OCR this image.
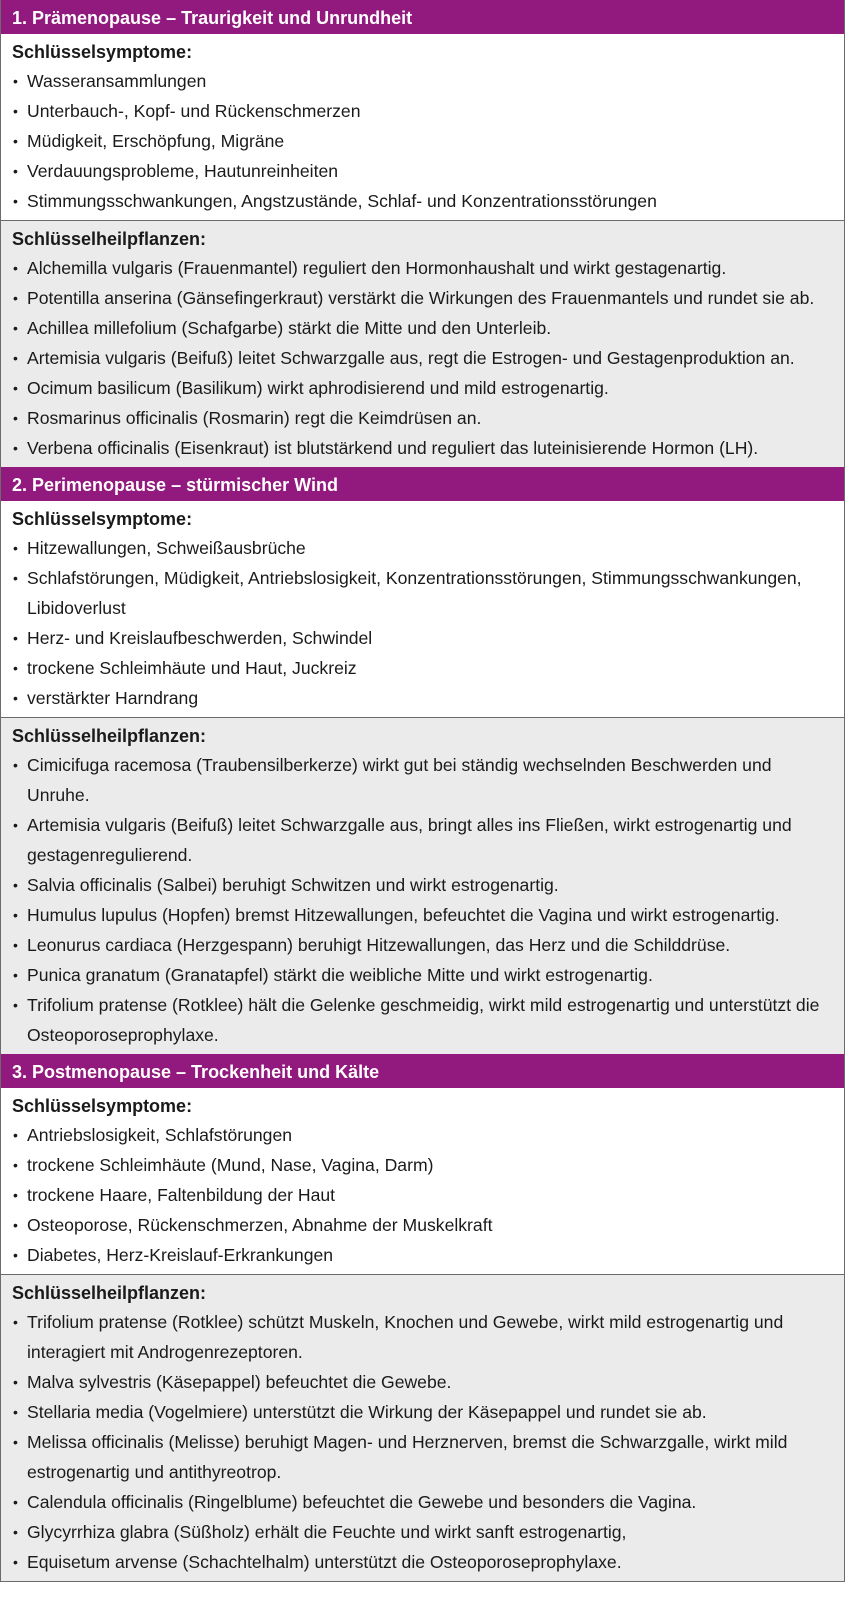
1. Prämenopause – Traurigkeit und Unrundheit
Schlüsselsymptome:
• Wasseransammlungen
• Unterbauch-, Kopf- und Rückenschmerzen
• Müdigkeit, Erschöpfung, Migräne
• Verdauungsprobleme, Hautunreinheiten
• Stimmungsschwankungen, Angstzustände, Schlaf- und Konzentrationsstörungen
Schlüsselheilpflanzen:
• Alchemilla vulgaris (Frauenmantel) reguliert den Hormonhaushalt und wirkt gestagenartig.
• Potentilla anserina (Gänsefingerkraut) verstärkt die Wirkungen des Frauenmantels und rundet sie ab.
• Achillea millefolium (Schafgarbe) stärkt die Mitte und den Unterleib.
• Artemisia vulgaris (Beifuß) leitet Schwarzgalle aus, regt die Estrogen- und Gestagenproduktion an.
• Ocimum basilicum (Basilikum) wirkt aphrodisierend und mild estrogenartig.
• Rosmarinus officinalis (Rosmarin) regt die Keimdrüsen an.
• Verbena officinalis (Eisenkraut) ist blutstärkend und reguliert das luteinisierende Hormon (LH).
2. Perimenopause – stürmischer Wind
Schlüsselsymptome:
• Hitzewallungen, Schweißausbrüche
• Schlafstörungen, Müdigkeit, Antriebslosigkeit, Konzentrationsstörungen, Stimmungsschwankungen, Libidoverlust
• Herz- und Kreislaufbeschwerden, Schwindel
• trockene Schleimhäute und Haut, Juckreiz
• verstärkter Harndrang
Schlüsselheilpflanzen:
• Cimicifuga racemosa (Traubensilberkerze) wirkt gut bei ständig wechselnden Beschwerden und Unruhe.
• Artemisia vulgaris (Beifuß) leitet Schwarzgalle aus, bringt alles ins Fließen, wirkt estrogenartig und gestagenregulierend.
• Salvia officinalis (Salbei) beruhigt Schwitzen und wirkt estrogenartig.
• Humulus lupulus (Hopfen) bremst Hitzewallungen, befeuchtet die Vagina und wirkt estrogenartig.
• Leonurus cardiaca (Herzgespann) beruhigt Hitzewallungen, das Herz und die Schilddrüse.
• Punica granatum (Granatapfel) stärkt die weibliche Mitte und wirkt estrogenartig.
• Trifolium pratense (Rotklee) hält die Gelenke geschmeidig, wirkt mild estrogenartig und unterstützt die Osteoporoseprophylaxe.
3. Postmenopause – Trockenheit und Kälte
Schlüsselsymptome:
• Antriebslosigkeit, Schlafstörungen
• trockene Schleimhäute (Mund, Nase, Vagina, Darm)
• trockene Haare, Faltenbildung der Haut
• Osteoporose, Rückenschmerzen, Abnahme der Muskelkraft
• Diabetes, Herz-Kreislauf-Erkrankungen
Schlüsselheilpflanzen:
• Trifolium pratense (Rotklee) schützt Muskeln, Knochen und Gewebe, wirkt mild estrogenartig und interagiert mit Androgenrezeptoren.
• Malva sylvestris (Käsepappel) befeuchtet die Gewebe.
• Stellaria media (Vogelmiere) unterstützt die Wirkung der Käsepappel und rundet sie ab.
• Melissa officinalis (Melisse) beruhigt Magen- und Herznerven, bremst die Schwarzgalle, wirkt mild estrogenartig und antithyreotrop.
• Calendula officinalis (Ringelblume) befeuchtet die Gewebe und besonders die Vagina.
• Glycyrrhiza glabra (Süßholz) erhält die Feuchte und wirkt sanft estrogenartig,
• Equisetum arvense (Schachtelhalm) unterstützt die Osteoporoseprophylaxe.
